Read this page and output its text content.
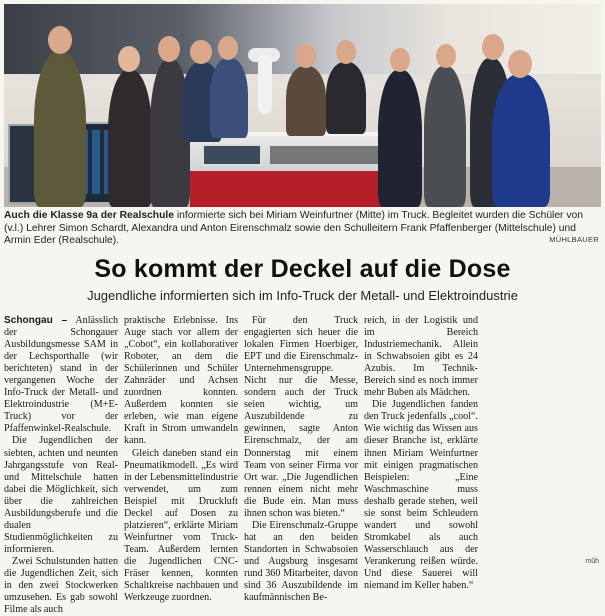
Auch die Klasse 9a der Realschule informierte sich bei Miriam Weinfurtner (Mitte) im Truck. Begleitet wurden die Schüler von (v.l.) Lehrer Simon Schardt, Alexandra und Anton Eirenschmalz sowie den Schulleitern Frank Pfaffenberger (Mittelschule) und Armin Eder (Realschule).	MÜHLBAUER
So kommt der Deckel auf die Dose
Jugendliche informierten sich im Info-Truck der Metall- und Elektroindustrie

Schongau – Anlässlich der Schongauer Ausbildungsmesse SAM in der Lechsporthalle (wir berichteten) stand in der vergangenen Woche der Info-Truck der Metall- und Elektroindustrie (M+E-Truck) vor der Pfaffenwinkel-Realschule.

Die Jugendlichen der siebten, achten und neunten Jahrgangsstufe von Real- und Mittelschule hatten dabei die Möglichkeit, sich über die zahlreichen Ausbildungsberufe und die dualen Studienmöglichkeiten zu informieren.

Zwei Schulstunden hatten die Jugendlichen Zeit, sich in den zwei Stockwerken umzusehen. Es gab sowohl Filme als auch

praktische Erlebnisse. Ins Auge stach vor allem der „Cobot“, ein kollaborativer Roboter, an dem die Schülerinnen und Schüler Zahnräder und Achsen zuordnen konnten. Außerdem konnten sie erleben, wie man eigene Kraft in Strom umwandeln kann.

Gleich daneben stand ein Pneumatikmodell. „Es wird in der Lebensmittelindustrie verwendet, um zum Beispiel mit Druckluft Deckel auf Dosen zu platzieren“, erklärte Miriam Weinfurtner vom Truck-Team. Außerdem lernten die Jugendlichen CNC-Fräser kennen, konnten Schaltkreise nachbauen und Werkzeuge zuordnen.

Für den Truck engagierten sich heuer die lokalen Firmen Hoerbiger, EPT und die Eirenschmalz-Unternehmensgruppe. Nicht nur die Messe, sondern auch der Truck seien wichtig, um Auszubildende zu gewinnen, sagte Anton Eirenschmalz, der am Donnerstag mit einem Team von seiner Firma vor Ort war. „Die Jugendlichen rennen einem nicht mehr die Bude ein. Man muss ihnen schon was bieten.“

Die Eirenschmalz-Gruppe hat an den beiden Standorten in Schwabsoien und Augsburg insgesamt rund 360 Mitarbeiter, davon sind 36 Auszubildende im kaufmännischen Be-

reich, in der Logistik und im Bereich Industriemechanik. Allein in Schwabsoien gibt es 24 Azubis. Im Technik-Bereich sind es noch immer mehr Buben als Mädchen.

Die Jugendlichen fanden den Truck jedenfalls „cool“. Wie wichtig das Wissen aus dieser Branche ist, erklärte ihnen Miriam Weinfurtner mit einigen pragmatischen Beispielen: „Eine Waschmaschine muss deshalb gerade stehen, weil sie sonst beim Schleudern wandert und sowohl Stromkabel als auch Wasserschlauch aus der Verankerung reißen würde. Und diese Sauerei will niemand im Keller haben.“

mûh
